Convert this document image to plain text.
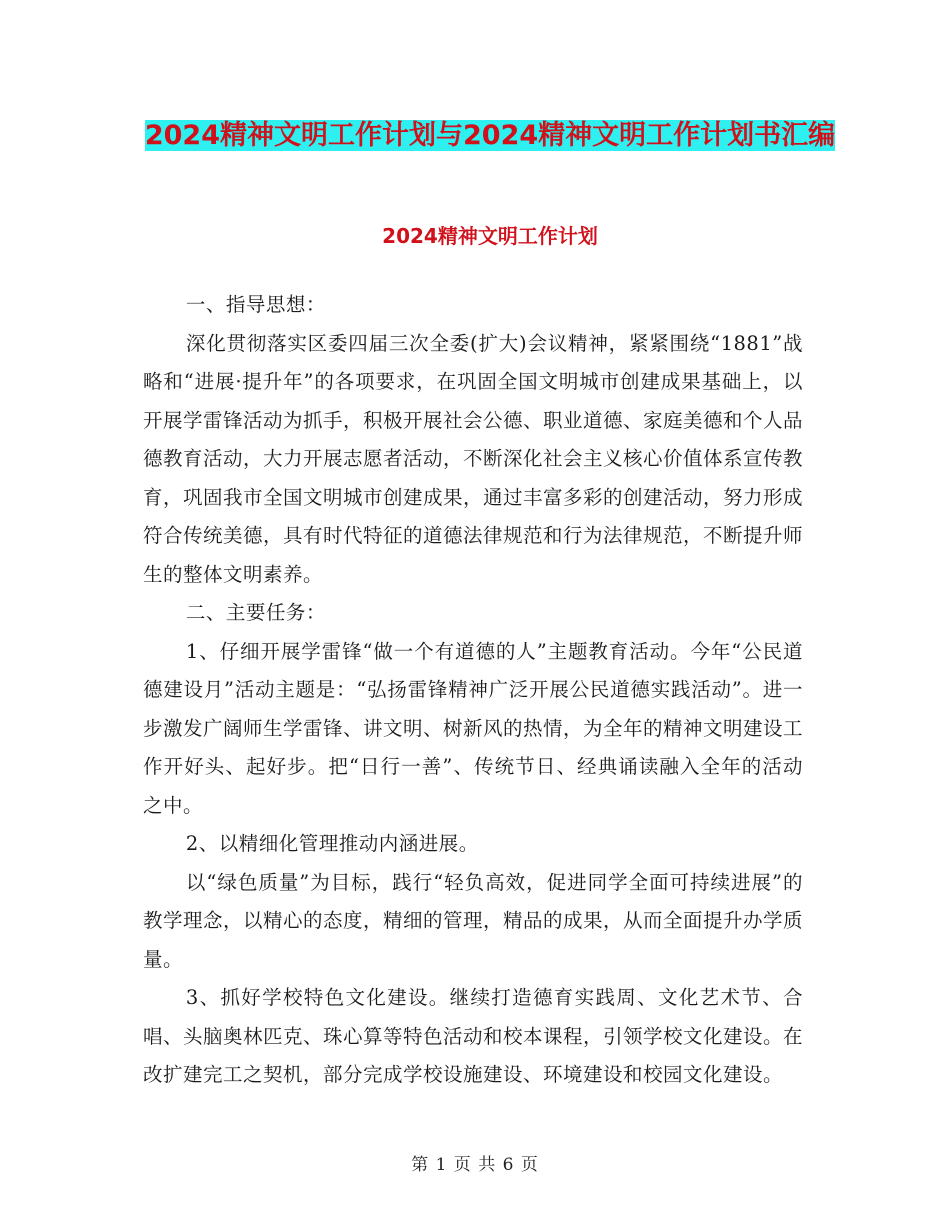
2024精神文明工作计划与2024精神文明工作计划书汇编
2024精神文明工作计划

一、指导思想：

深化贯彻落实区委四届三次全委(扩大)会议精神，紧紧围绕“1881”战略和“进展·提升年”的各项要求，在巩固全国文明城市创建成果基础上，以开展学雷锋活动为抓手，积极开展社会公德、职业道德、家庭美德和个人品德教育活动，大力开展志愿者活动，不断深化社会主义核心价值体系宣传教育，巩固我市全国文明城市创建成果，通过丰富多彩的创建活动，努力形成符合传统美德，具有时代特征的道德法律规范和行为法律规范，不断提升师生的整体文明素养。

二、主要任务：

1、仔细开展学雷锋“做一个有道德的人”主题教育活动。今年“公民道德建设月”活动主题是：“弘扬雷锋精神广泛开展公民道德实践活动”。进一步激发广阔师生学雷锋、讲文明、树新风的热情，为全年的精神文明建设工作开好头、起好步。把“日行一善”、传统节日、经典诵读融入全年的活动之中。

2、以精细化管理推动内涵进展。

以“绿色质量”为目标，践行“轻负高效，促进同学全面可持续进展”的教学理念，以精心的态度，精细的管理，精品的成果，从而全面提升办学质量。

3、抓好学校特色文化建设。继续打造德育实践周、文化艺术节、合唱、头脑奥林匹克、珠心算等特色活动和校本课程，引领学校文化建设。在改扩建完工之契机，部分完成学校设施建设、环境建设和校园文化建设。

第 1 页 共 6 页
